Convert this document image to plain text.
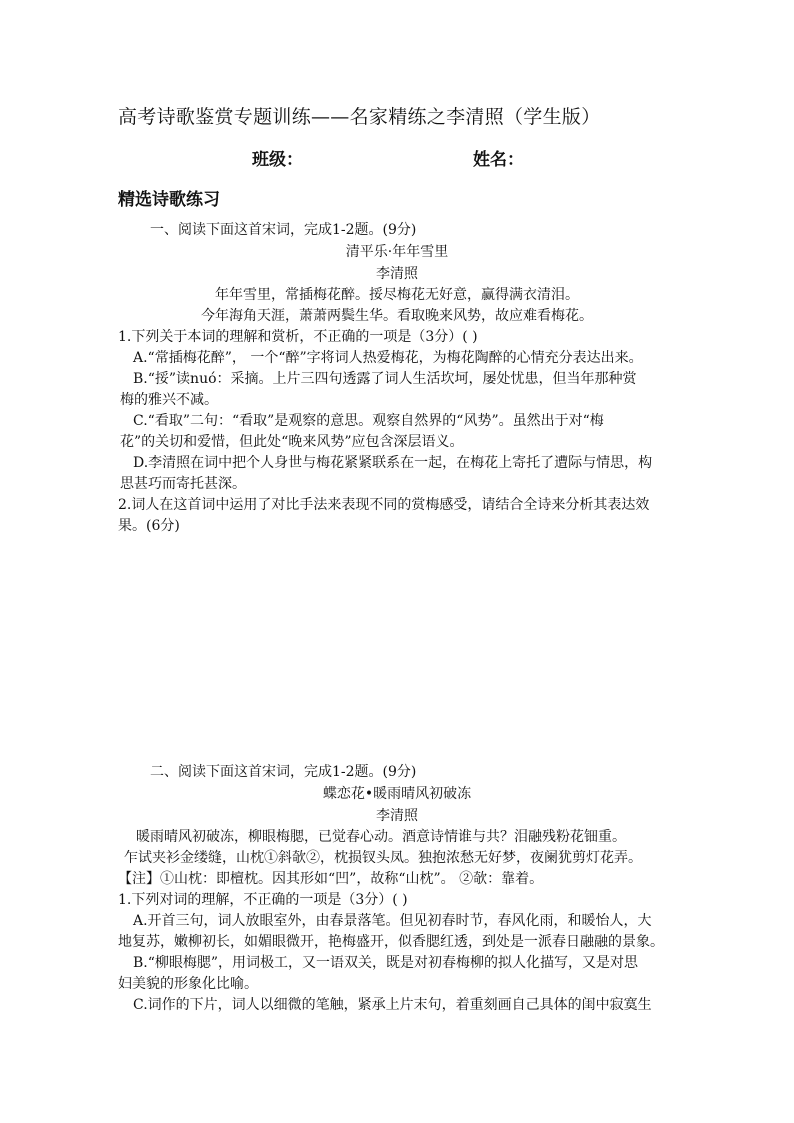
高考诗歌鉴赏专题训练——名家精练之李清照（学生版）
班级：	姓名：
精选诗歌练习
一、阅读下面这首宋词，完成1-2题。(9分)
清平乐·年年雪里
李清照
年年雪里，常插梅花醉。挼尽梅花无好意，赢得满衣清泪。
今年海角天涯，萧萧两鬓生华。看取晚来风势，故应难看梅花。
1.下列关于本词的理解和赏析，不正确的一项是（3分）( )
A.“常插梅花醉”， 一个“醉”字将词人热爱梅花，为梅花陶醉的心情充分表达出来。
B.“挼”读nuó：采摘。上片三四句透露了词人生活坎坷，屡处忧患，但当年那种赏
梅的雅兴不减。
C.“看取”二句：“看取”是观察的意思。观察自然界的“风势”。虽然出于对“梅
花”的关切和爱惜，但此处“晚来风势”应包含深层语义。
D.李清照在词中把个人身世与梅花紧紧联系在一起，在梅花上寄托了遭际与情思，构
思甚巧而寄托甚深。
2.词人在这首词中运用了对比手法来表现不同的赏梅感受，请结合全诗来分析其表达效
果。(6分)
二、阅读下面这首宋词，完成1-2题。(9分)
蝶恋花•暖雨晴风初破冻
李清照
暖雨晴风初破冻，柳眼梅腮，已觉春心动。酒意诗情谁与共？泪融残粉花钿重。
乍试夹衫金缕缝，山枕①斜欹②，枕损钗头凤。独抱浓愁无好梦，夜阑犹剪灯花弄。
【注】①山枕：即檀枕。因其形如“凹”，故称“山枕”。 ②欹：靠着。
1.下列对词的理解，不正确的一项是（3分）( )
A.开首三句，词人放眼室外，由春景落笔。但见初春时节，春风化雨，和暖怡人，大
地复苏，嫩柳初长，如媚眼微开，艳梅盛开，似香腮红透，到处是一派春日融融的景象。
B.“柳眼梅腮”，用词极工，又一语双关，既是对初春梅柳的拟人化描写，又是对思
妇美貌的形象化比喻。
C.词作的下片，词人以细微的笔触，紧承上片末句，着重刻画自己具体的闺中寂寞生
